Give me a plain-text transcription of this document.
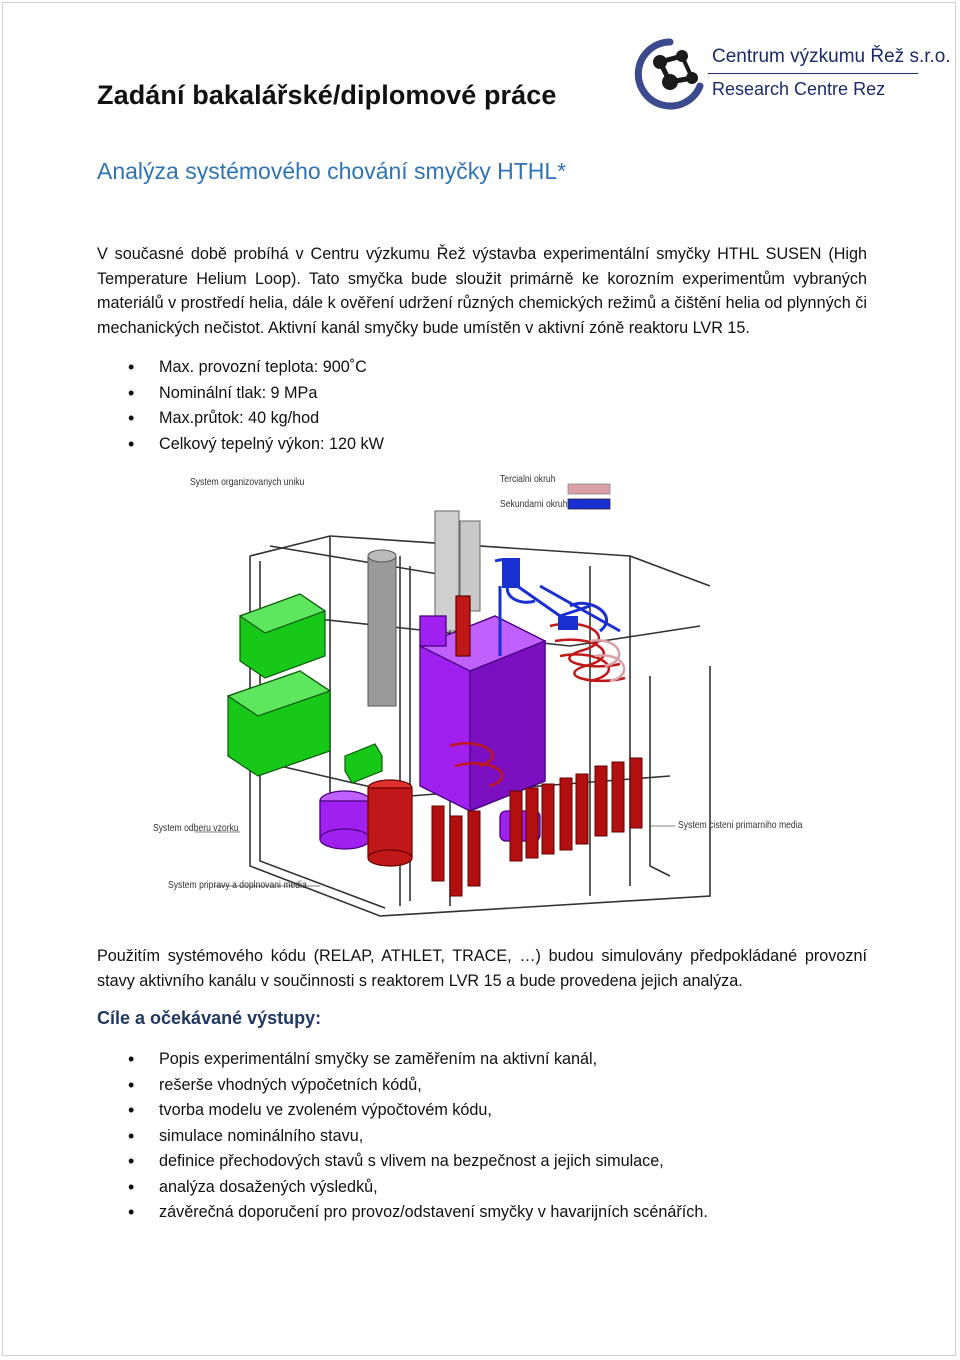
Zadání bakalářské/diplomové práce
Centrum výzkumu Řež s.r.o.
Research Centre Rez
Analýza systémového chování smyčky HTHL*
V současné době probíhá v Centru výzkumu Řež výstavba experimentální smyčky HTHL SUSEN (High Temperature Helium Loop). Tato smyčka bude sloužit primárně ke korozním experimentům vybraných materiálů v prostředí helia, dále k ověření udržení různých chemických režimů a čištění helia od plynných či mechanických nečistot. Aktivní kanál smyčky bude umístěn v aktivní zóně reaktoru LVR 15.
• Max. provozní teplota: 900˚C
• Nominální tlak: 9 MPa
• Max.průtok: 40 kg/hod
• Celkový tepelný výkon: 120 kW
System organizovanych uniku	Tercialni okruh
Sekundarni okruh
System odberu vzorku
System pripravy a doplnovani media
System cisteni primarniho media
Použitím systémového kódu (RELAP, ATHLET, TRACE, …) budou simulovány předpokládané provozní stavy aktivního kanálu v součinnosti s reaktorem LVR 15 a bude provedena jejich analýza.
Cíle a očekávané výstupy:
• Popis experimentální smyčky se zaměřením na aktivní kanál,
• rešerše vhodných výpočetních kódů,
• tvorba modelu ve zvoleném výpočtovém kódu,
• simulace nominálního stavu,
• definice přechodových stavů s vlivem na bezpečnost a jejich simulace,
• analýza dosažených výsledků,
• závěrečná doporučení pro provoz/odstavení smyčky v havarijních scénářích.
